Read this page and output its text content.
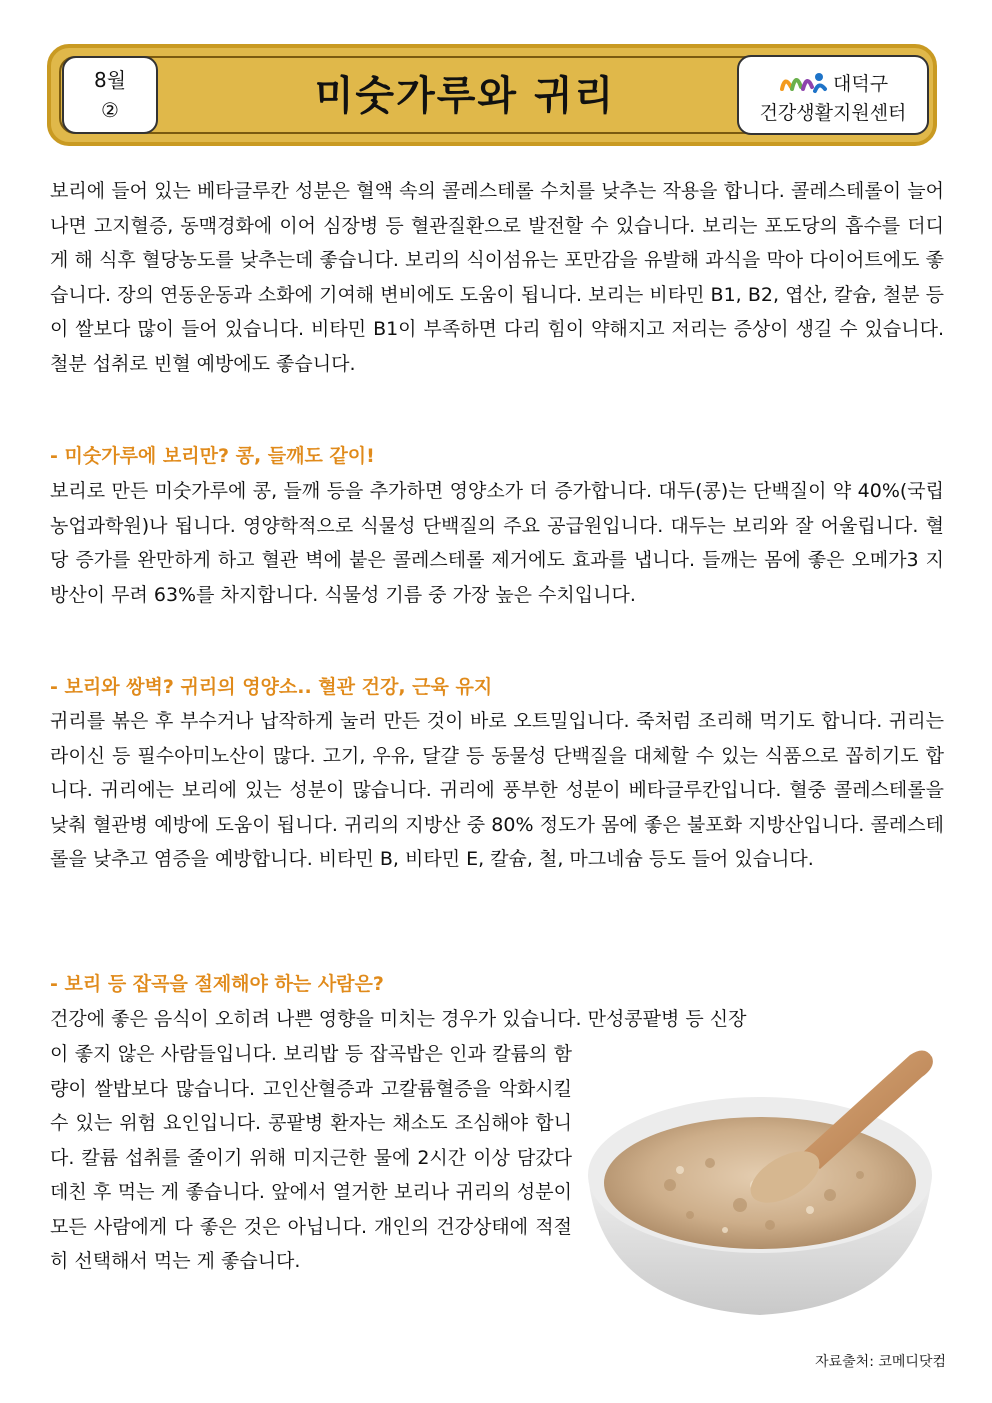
8월
②	미숫가루와 귀리	대덕구
건강생활지원센터

보리에 들어 있는 베타글루칸 성분은 혈액 속의 콜레스테롤 수치를 낮추는 작용을 합니다. 콜레스테롤이 늘어나면 고지혈증, 동맥경화에 이어 심장병 등 혈관질환으로 발전할 수 있습니다. 보리는 포도당의 흡수를 더디게 해 식후 혈당농도를 낮추는데 좋습니다. 보리의 식이섬유는 포만감을 유발해 과식을 막아 다이어트에도 좋습니다. 장의 연동운동과 소화에 기여해 변비에도 도움이 됩니다. 보리는 비타민 B1, B2, 엽산, 칼슘, 철분 등이 쌀보다 많이 들어 있습니다. 비타민 B1이 부족하면 다리 힘이 약해지고 저리는 증상이 생길 수 있습니다. 철분 섭취로 빈혈 예방에도 좋습니다.

- 미숫가루에 보리만? 콩, 들깨도 같이!

보리로 만든 미숫가루에 콩, 들깨 등을 추가하면 영양소가 더 증가합니다. 대두(콩)는 단백질이 약 40%(국립농업과학원)나 됩니다. 영양학적으로 식물성 단백질의 주요 공급원입니다. 대두는 보리와 잘 어울립니다. 혈당 증가를 완만하게 하고 혈관 벽에 붙은 콜레스테롤 제거에도 효과를 냅니다. 들깨는 몸에 좋은 오메가3 지방산이 무려 63%를 차지합니다. 식물성 기름 중 가장 높은 수치입니다.

- 보리와 쌍벽? 귀리의 영양소.. 혈관 건강, 근육 유지

귀리를 볶은 후 부수거나 납작하게 눌러 만든 것이 바로 오트밀입니다. 죽처럼 조리해 먹기도 합니다. 귀리는 라이신 등 필수아미노산이 많다. 고기, 우유, 달걀 등 동물성 단백질을 대체할 수 있는 식품으로 꼽히기도 합니다. 귀리에는 보리에 있는 성분이 많습니다. 귀리에 풍부한 성분이 베타글루칸입니다. 혈중 콜레스테롤을 낮춰 혈관병 예방에 도움이 됩니다. 귀리의 지방산 중 80% 정도가 몸에 좋은 불포화 지방산입니다. 콜레스테롤을 낮추고 염증을 예방합니다. 비타민 B, 비타민 E, 칼슘, 철, 마그네슘 등도 들어 있습니다.

- 보리 등 잡곡을 절제해야 하는 사람은?

건강에 좋은 음식이 오히려 나쁜 영향을 미치는 경우가 있습니다. 만성콩팥병 등 신장

이 좋지 않은 사람들입니다. 보리밥 등 잡곡밥은 인과 칼륨의 함량이 쌀밥보다 많습니다. 고인산혈증과 고칼륨혈증을 악화시킬 수 있는 위험 요인입니다. 콩팥병 환자는 채소도 조심해야 합니다. 칼륨 섭취를 줄이기 위해 미지근한 물에 2시간 이상 담갔다 데친 후 먹는 게 좋습니다. 앞에서 열거한 보리나 귀리의 성분이 모든 사람에게 다 좋은 것은 아닙니다. 개인의 건강상태에 적절히 선택해서 먹는 게 좋습니다.

자료출처: 코메디닷컴
